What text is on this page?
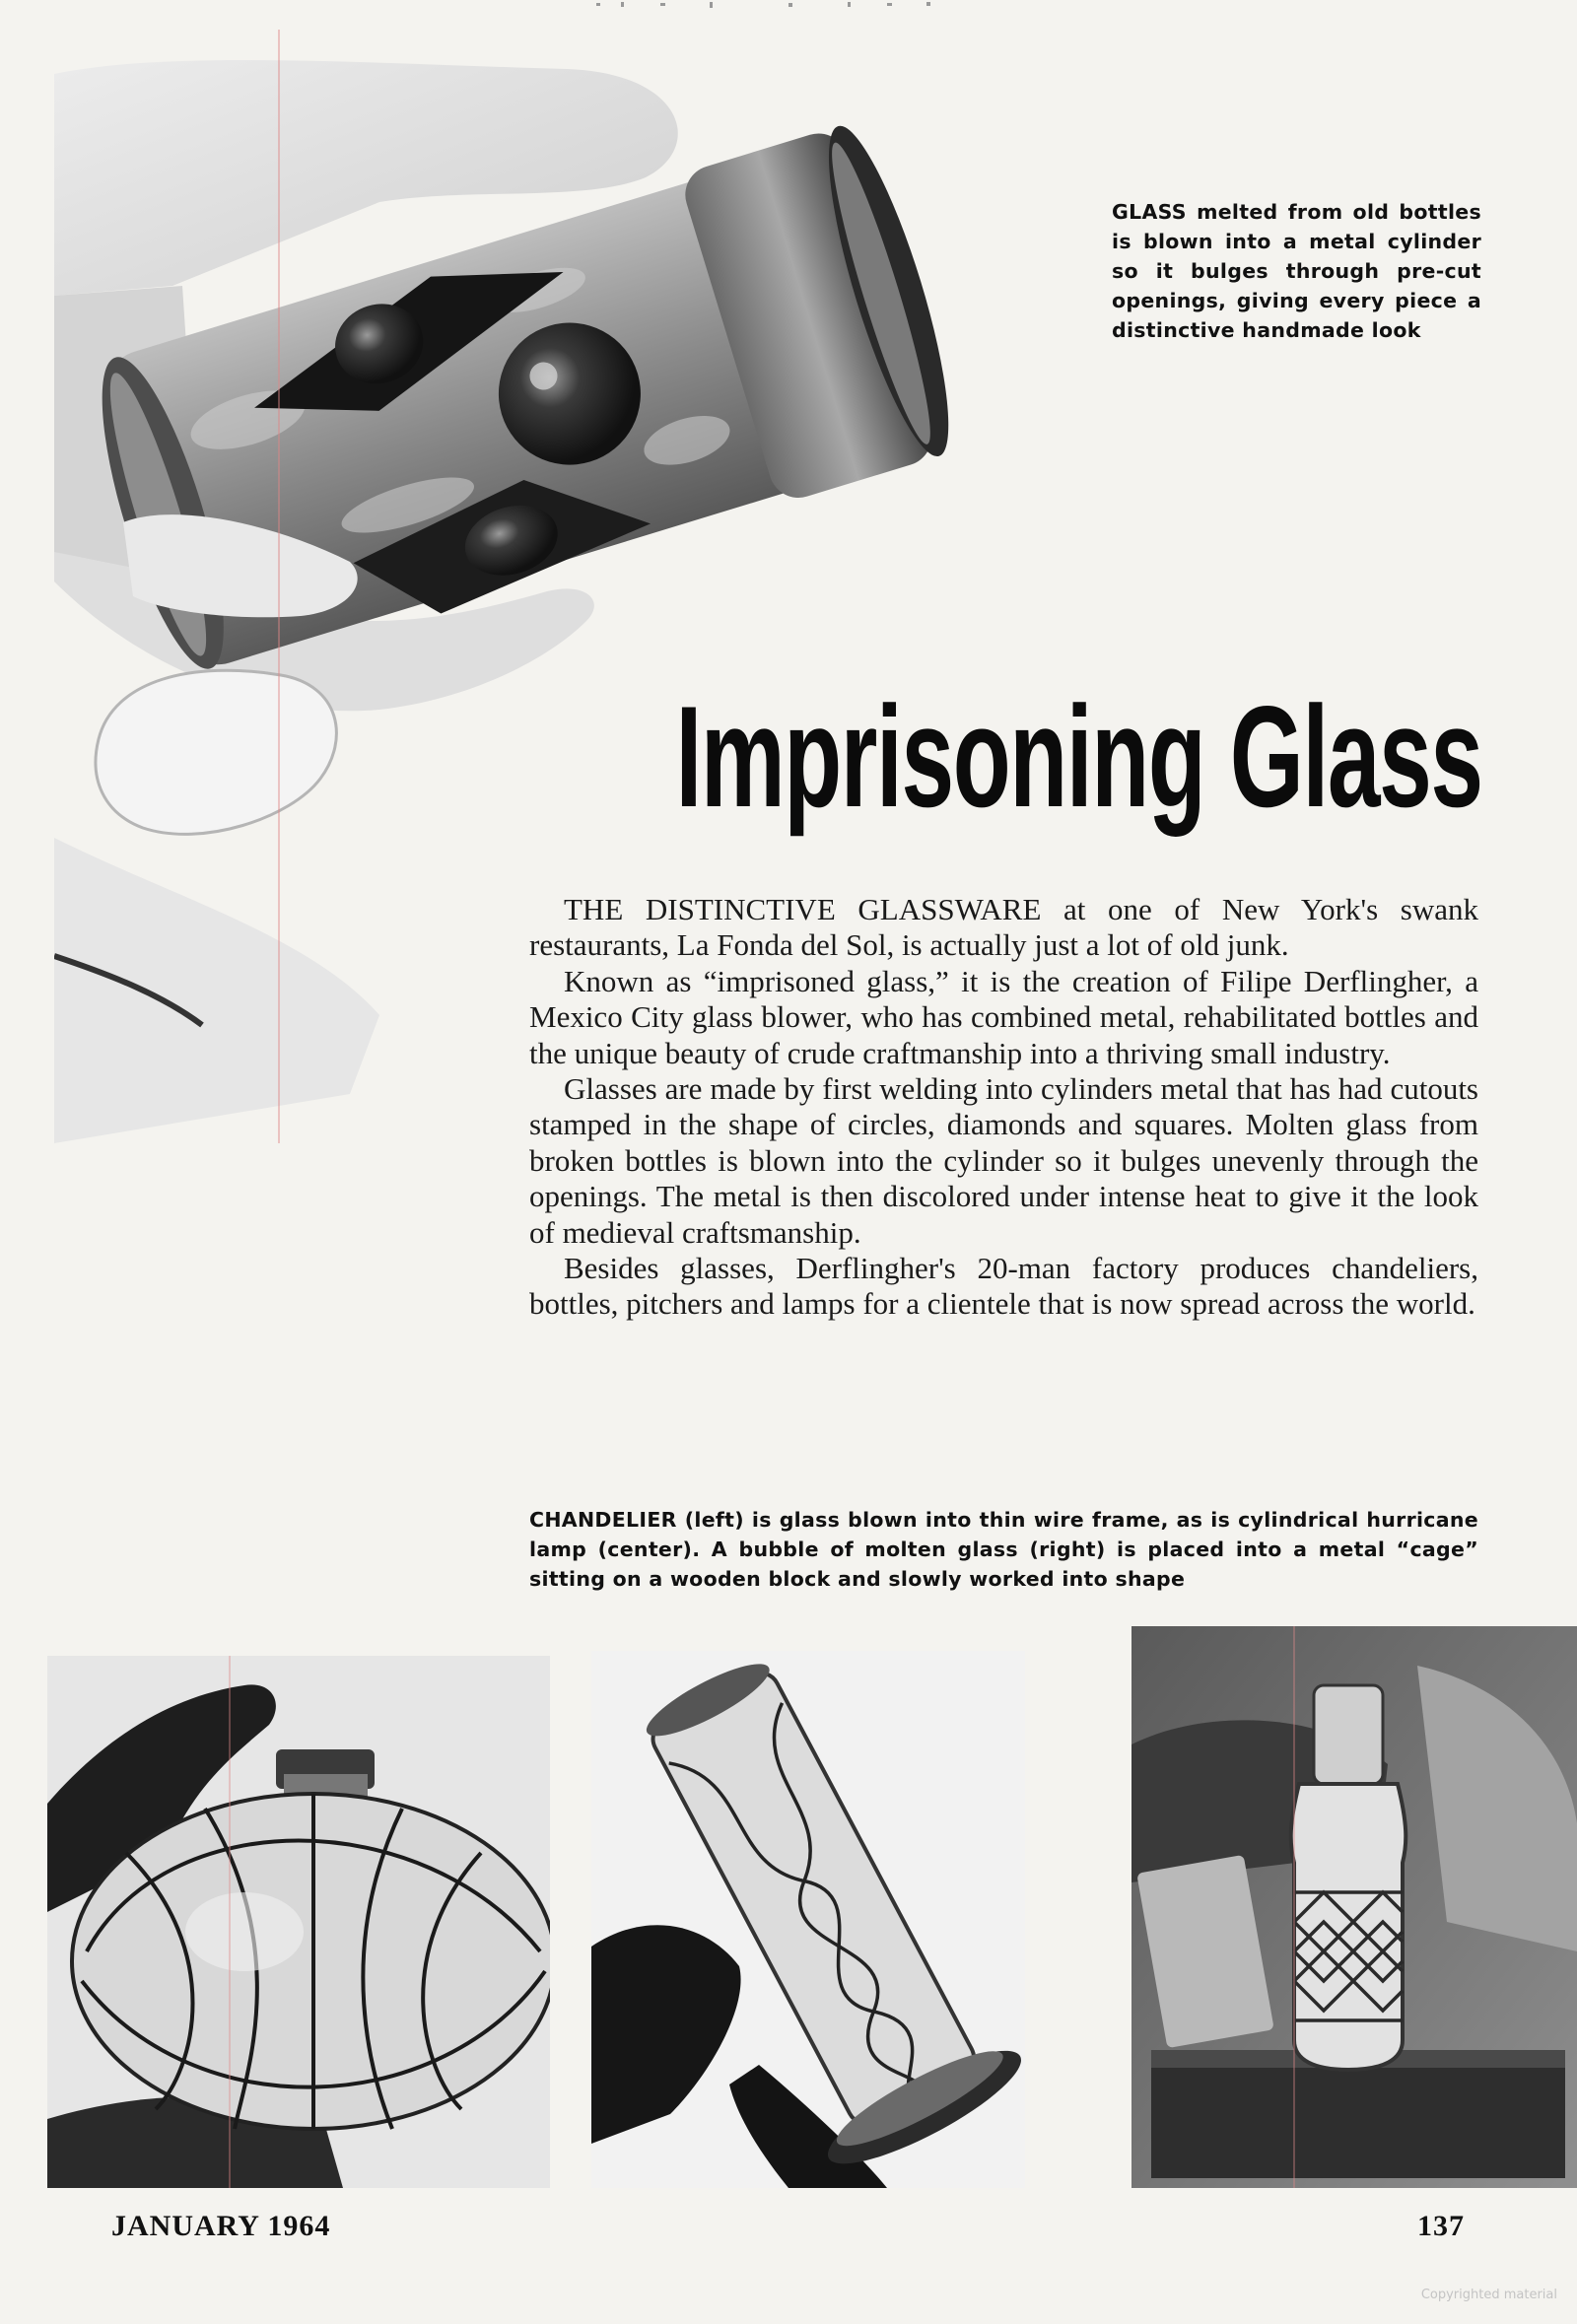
GLASS melted from old bottles is blown into a metal cylinder so it bulges through pre-cut openings, giving every piece a distinctive handmade look
Imprisoning Glass

THE DISTINCTIVE GLASSWARE at one of New York's swank restaurants, La Fonda del Sol, is actually just a lot of old junk.

Known as “imprisoned glass,” it is the creation of Filipe Derflingher, a Mexico City glass blower, who has combined metal, rehabilitated bottles and the unique beauty of crude craftmanship into a thriving small industry.

Glasses are made by first welding into cylinders metal that has had cutouts stamped in the shape of circles, diamonds and squares. Molten glass from broken bottles is blown into the cylinder so it bulges unevenly through the openings. The metal is then discolored under intense heat to give it the look of medieval craftsmanship.

Besides glasses, Derflingher's 20-man factory produces chandeliers, bottles, pitchers and lamps for a clientele that is now spread across the world.

CHANDELIER (left) is glass blown into thin wire frame, as is cylindrical hurricane lamp (center). A bubble of molten glass (right) is placed into a metal “cage” sitting on a wooden block and slowly worked into shape
JANUARY 1964	137
Copyrighted material
